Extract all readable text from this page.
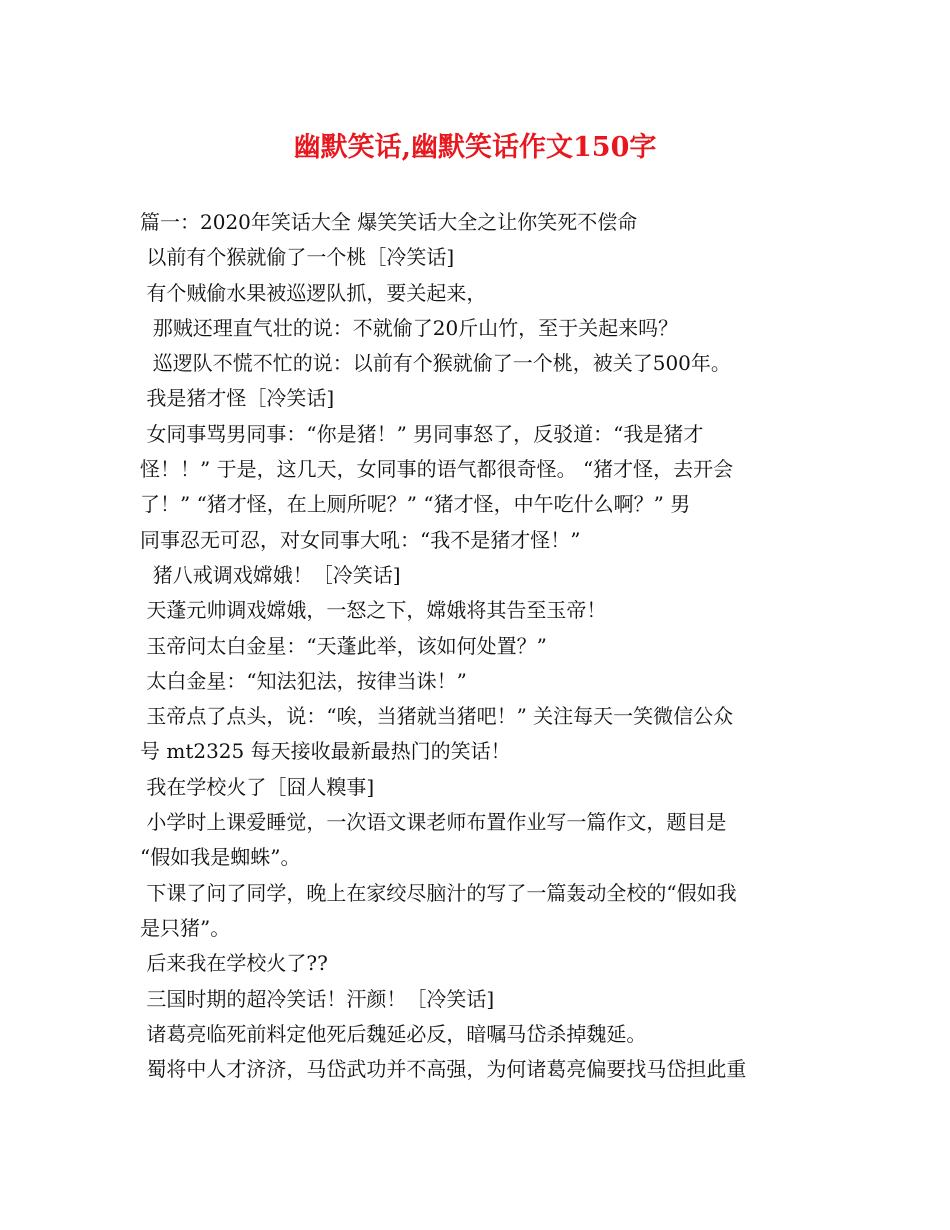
幽默笑话,幽默笑话作文150字
篇一：2020年笑话大全 爆笑笑话大全之让你笑死不偿命
以前有个猴就偷了一个桃［冷笑话]
有个贼偷水果被巡逻队抓，要关起来，
那贼还理直气壮的说：不就偷了20斤山竹，至于关起来吗？
巡逻队不慌不忙的说：以前有个猴就偷了一个桃，被关了500年。
我是猪才怪［冷笑话]
女同事骂男同事：“你是猪！” 男同事怒了，反驳道：“我是猪才
怪！！” 于是，这几天，女同事的语气都很奇怪。 “猪才怪，去开会
了！” “猪才怪，在上厕所呢？” “猪才怪，中午吃什么啊？” 男
同事忍无可忍，对女同事大吼：“我不是猪才怪！”
猪八戒调戏嫦娥！［冷笑话]
天蓬元帅调戏嫦娥，一怒之下，嫦娥将其告至玉帝！
玉帝问太白金星：“天蓬此举，该如何处置？”
太白金星：“知法犯法，按律当诛！”
玉帝点了点头，说：“唉，当猪就当猪吧！” 关注每天一笑微信公众
号 mt2325 每天接收最新最热门的笑话！
我在学校火了［囧人糗事]
小学时上课爱睡觉，一次语文课老师布置作业写一篇作文，题目是
“假如我是蜘蛛”。
下课了问了同学，晚上在家绞尽脑汁的写了一篇轰动全校的“假如我
是只猪”。
后来我在学校火了??
三国时期的超冷笑话！汗颜！［冷笑话]
诸葛亮临死前料定他死后魏延必反，暗嘱马岱杀掉魏延。
蜀将中人才济济，马岱武功并不高强，为何诸葛亮偏要找马岱担此重
